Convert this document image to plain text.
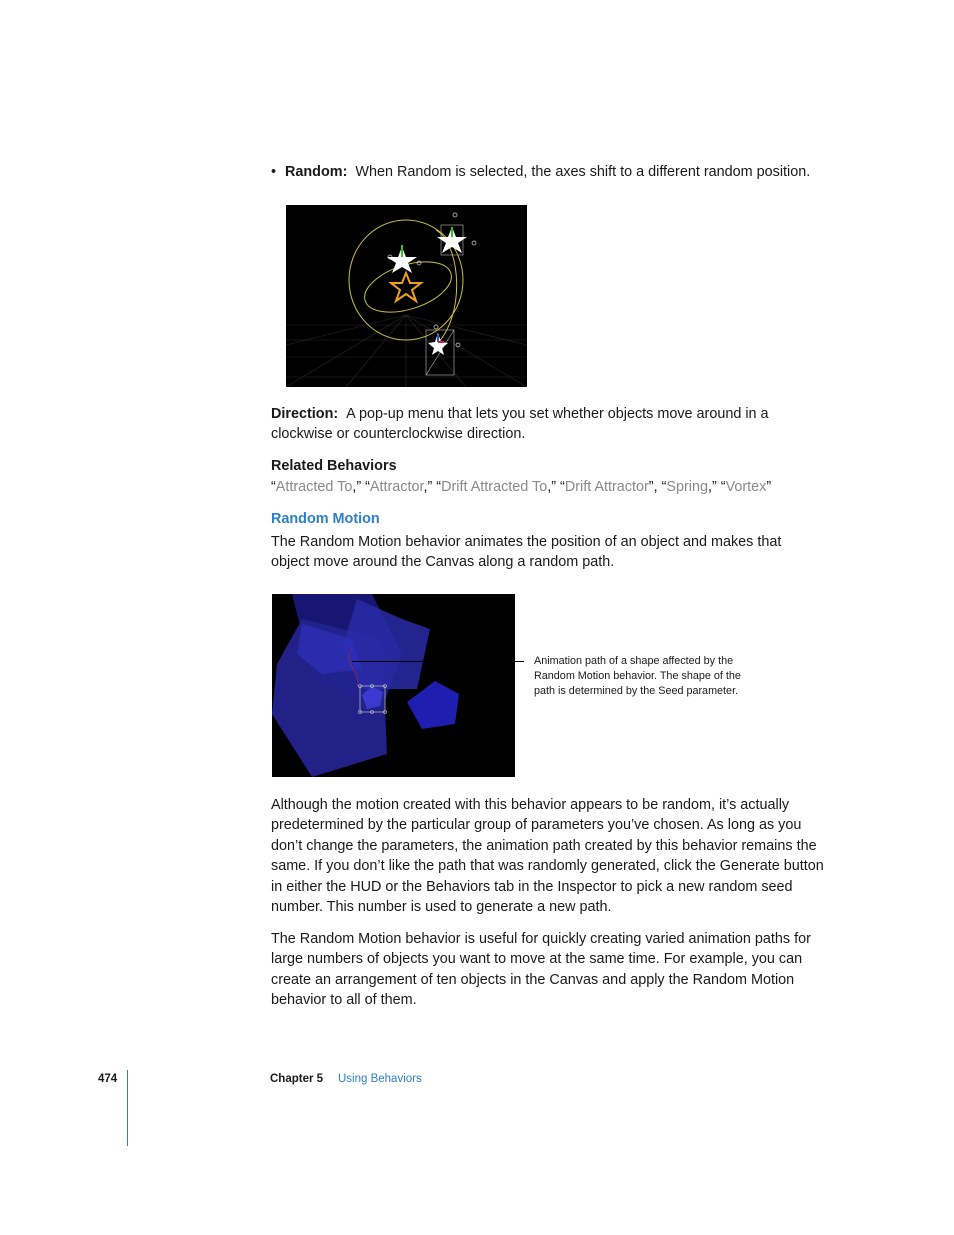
• Random: When Random is selected, the axes shift to a different random position.
Direction: A pop-up menu that lets you set whether objects move around in a clockwise or counterclockwise direction.
Related Behaviors
“Attracted To,” “Attractor,” “Drift Attracted To,” “Drift Attractor”, “Spring,” “Vortex”
Random Motion
The Random Motion behavior animates the position of an object and makes that object move around the Canvas along a random path.
Animation path of a shape affected by the Random Motion behavior. The shape of the path is determined by the Seed parameter.
Although the motion created with this behavior appears to be random, it’s actually predetermined by the particular group of parameters you’ve chosen. As long as you don’t change the parameters, the animation path created by this behavior remains the same. If you don’t like the path that was randomly generated, click the Generate button in either the HUD or the Behaviors tab in the Inspector to pick a new random seed number. This number is used to generate a new path.
The Random Motion behavior is useful for quickly creating varied animation paths for large numbers of objects you want to move at the same time. For example, you can create an arrangement of ten objects in the Canvas and apply the Random Motion behavior to all of them.
474	Chapter 5 Using Behaviors
